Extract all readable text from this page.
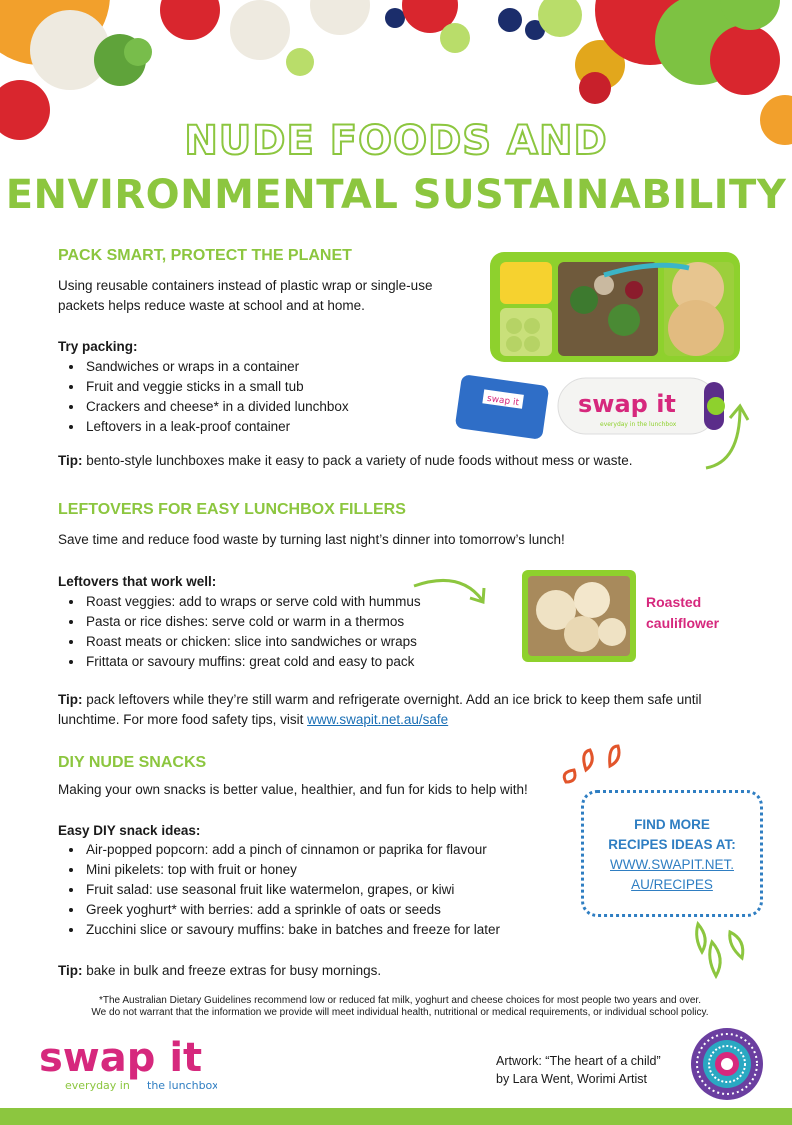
NUDE FOODS AND
ENVIRONMENTAL SUSTAINABILITY
PACK SMART, PROTECT THE PLANET

Using reusable containers instead of plastic wrap or single-use

packets helps reduce waste at school and at home.

Try packing:

• Sandwiches or wraps in a container
• Fruit and veggie sticks in a small tub
• Crackers and cheese* in a divided lunchbox
• Leftovers in a leak-proof container

Tip: bento-style lunchboxes make it easy to pack a variety of nude foods without mess or waste.

swap it swap it
everyday in the lunchbox
LEFTOVERS FOR EASY LUNCHBOX FILLERS

Save time and reduce food waste by turning last night’s dinner into tomorrow’s lunch!

Leftovers that work well:

• Roast veggies: add to wraps or serve cold with hummus
• Pasta or rice dishes: serve cold or warm in a thermos
• Roast meats or chicken: slice into sandwiches or wraps
• Frittata or savoury muffins: great cold and easy to pack
Roasted
cauliflower

Tip: pack leftovers while they’re still warm and refrigerate overnight. Add an ice brick to keep them safe until

lunchtime. For more food safety tips, visit www.swapit.net.au/safe

DIY NUDE SNACKS

Making your own snacks is better value, healthier, and fun for kids to help with!

Easy DIY snack ideas:

• Air-popped popcorn: add a pinch of cinnamon or paprika for flavour
• Mini pikelets: top with fruit or honey
• Fruit salad: use seasonal fruit like watermelon, grapes, or kiwi
• Greek yoghurt* with berries: add a sprinkle of oats or seeds
• Zucchini slice or savoury muffins: bake in batches and freeze for later

Tip: bake in bulk and freeze extras for busy mornings.

FIND MORE
RECIPES IDEAS AT:
WWW.SWAPIT.NET.
AU/RECIPES
*The Australian Dietary Guidelines recommend low or reduced fat milk, yoghurt and cheese choices for most people two years and over.
We do not warrant that the information we provide will meet individual health, nutritional or medical requirements, or individual school policy.
swap it
everyday in the lunchbox
Artwork: “The heart of a child”
by Lara Went, Worimi Artist
